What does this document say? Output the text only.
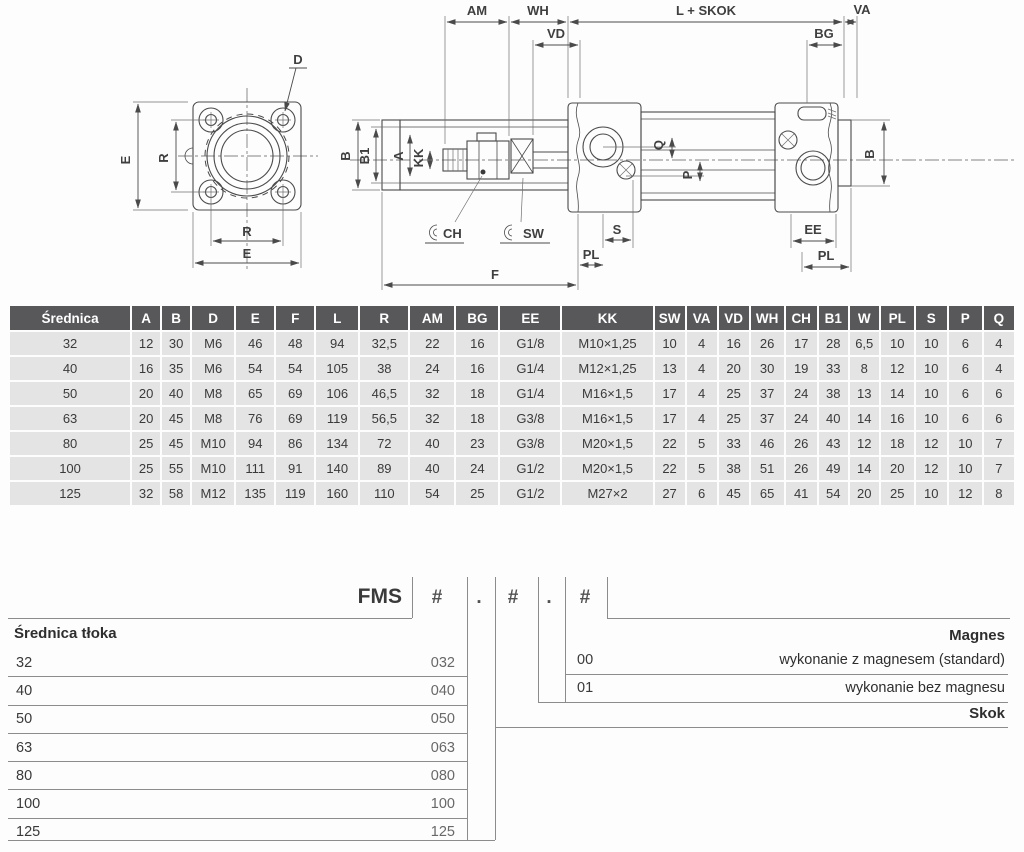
E R
D
R
E
AM	WH	L + SKOK	VA
VD	BG
B B1 A KK
Q
P
CH	SW	S
PL
F
EE
PL
B
Średnica	A	B	D	E	F	L	R	AM	BG	EE	KK	SW	VA	VD	WH	CH	B1	W	PL	S	P	Q
32	12	30	M6	46	48	94	32,5	22	16	G1/8	M10×1,25	10	4	16	26	17	28	6,5	10	10	6	4
40	16	35	M6	54	54	105	38	24	16	G1/4	M12×1,25	13	4	20	30	19	33	8	12	10	6	4
50	20	40	M8	65	69	106	46,5	32	18	G1/4	M16×1,5	17	4	25	37	24	38	13	14	10	6	6
63	20	45	M8	76	69	119	56,5	32	18	G3/8	M16×1,5	17	4	25	37	24	40	14	16	10	6	6
80	25	45	M10	94	86	134	72	40	23	G3/8	M20×1,5	22	5	33	46	26	43	12	18	12	10	7
100	25	55	M10	111	91	140	89	40	24	G1/2	M20×1,5	22	5	38	51	26	49	14	20	12	10	7
125	32	58	M12	135	119	160	110	54	25	G1/2	M27×2	27	6	45	65	41	54	20	25	10	12	8
FMS	#	.	#	.	#
Średnica tłoka
32	032
40	040
50	050
63	063
80	080
100	100
125	125
Magnes
00	wykonanie z magnesem (standard)
01	wykonanie bez magnesu
Skok
